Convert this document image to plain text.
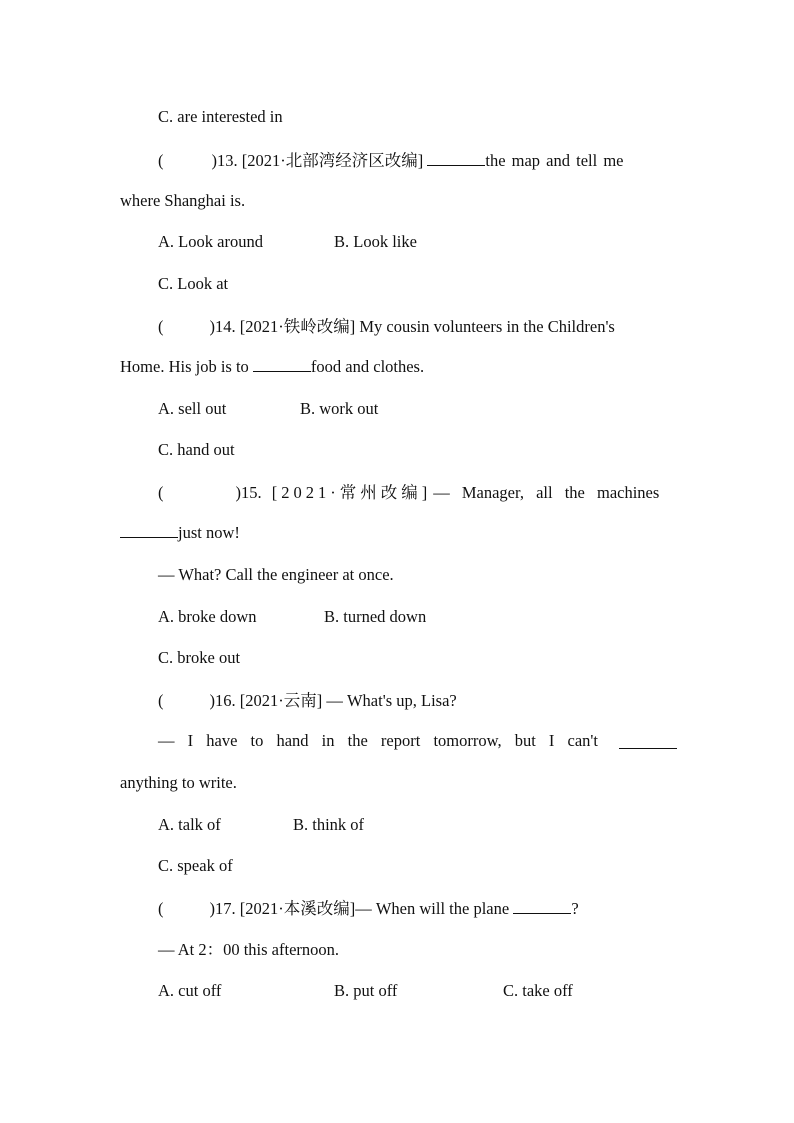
C. are interested in
(	)13. [2021·北部湾经济区改编]	the map and tell me
where Shanghai is.
A. Look around	B. Look like
C. Look at
(	)14. [2021·铁岭改编] My cousin volunteers in the Children's
Home. His job is to	food and clothes.
A. sell out	B. work out
C. hand out
(	)15. [2021·常州改编] — Manager, all the machines
just now!
— What? Call the engineer at once.
A. broke down	B. turned down
C. broke out
(	)16. [2021·云南] — What's up, Lisa?
— I have to hand in the report tomorrow, but I can't
anything to write.
A. talk of	B. think of
C. speak of
(	)17. [2021·本溪改编]— When will the plane	?
— At 2：00 this afternoon.
A. cut off	B. put off	C. take off
